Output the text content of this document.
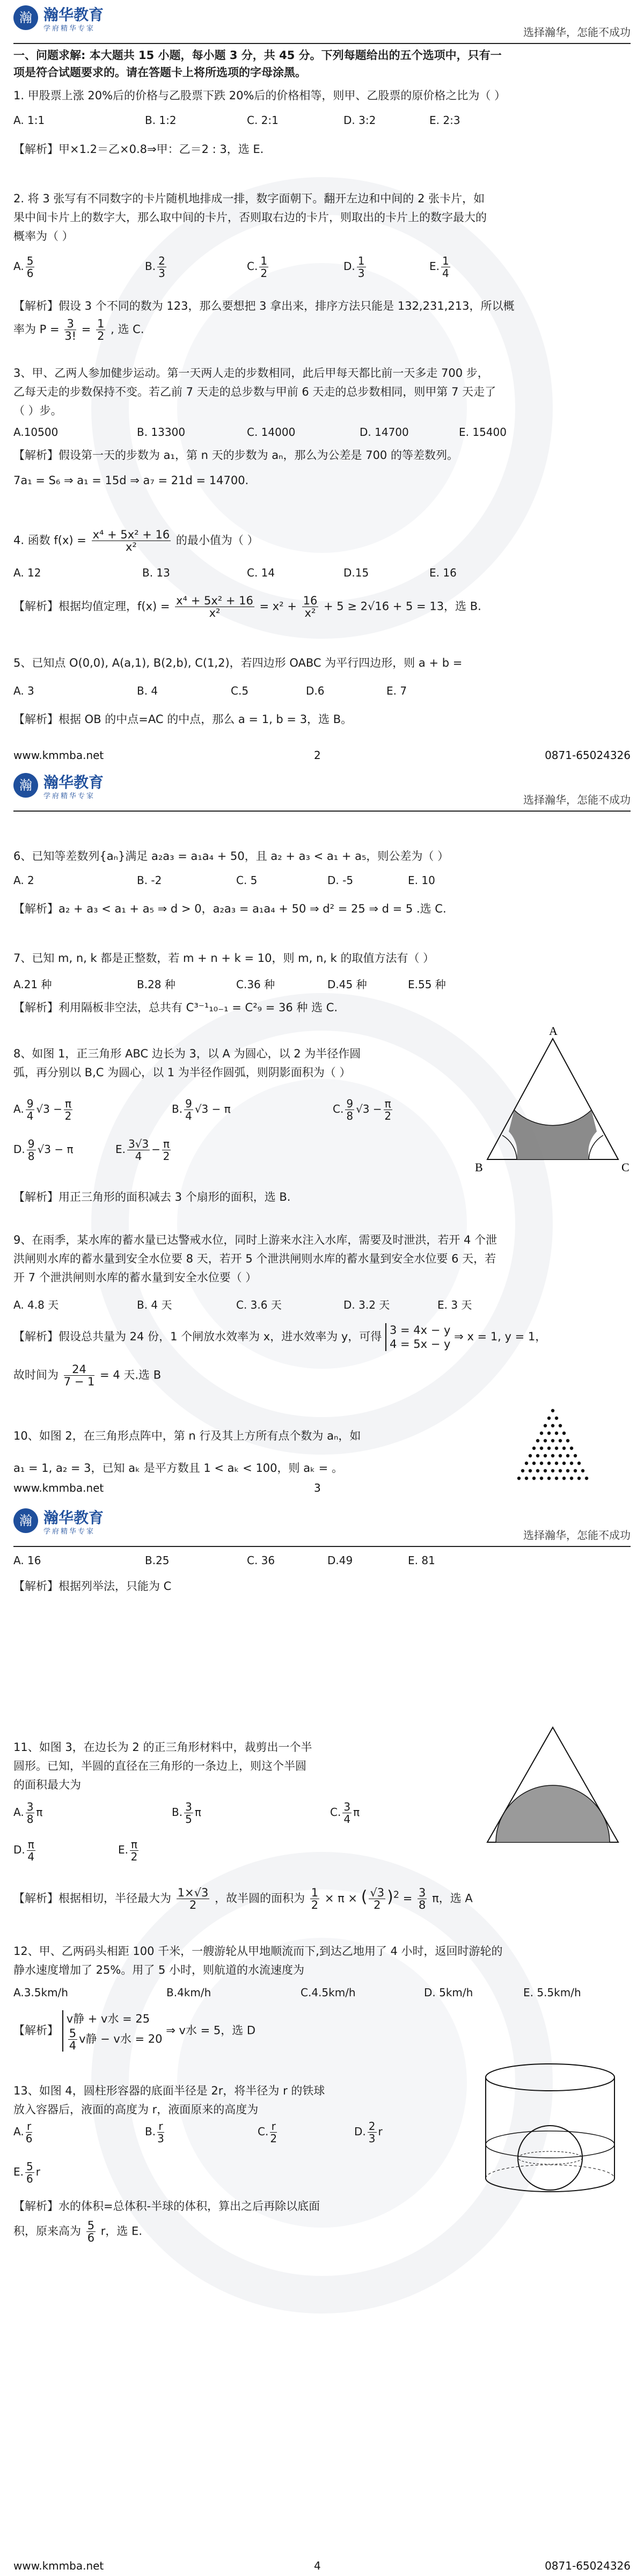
瀚 瀚华教育
学府精华专家	选择瀚华，怎能不成功
一、问题求解: 本大题共 15 小题，每小题 3 分，共 45 分。下列每题给出的五个选项中，只有一
项是符合试题要求的。请在答题卡上将所选项的字母涂黑。
1. 甲股票上涨 20%后的价格与乙股票下跌 20%后的价格相等，则甲、乙股票的原价格之比为（ ）
A. 1:1	B. 1:2	C. 2:1	D. 3:2	E. 2:3
【解析】甲×1.2＝乙×0.8⇒甲：乙＝2 : 3，选 E.
2. 将 3 张写有不同数字的卡片随机地排成一排，数字面朝下。翻开左边和中间的 2 张卡片，如
果中间卡片上的数字大，那么取中间的卡片，否则取右边的卡片，则取出的卡片上的数字最大的
概率为（ ）
A. $\frac{5}{6}$	B. $\frac{2}{3}$	C. $\frac{1}{2}$	D. $\frac{1}{3}$	E. $\frac{1}{4}$
【解析】假设 3 个不同的数为 123，那么要想把 3 拿出来，排序方法只能是 132,231,213，所以概
率为 $P = \frac{3}{3!} = \frac{1}{2}$ , 选 C.
3、甲、乙两人参加健步运动。第一天两人走的步数相同，此后甲每天都比前一天多走 700 步，
乙每天走的步数保持不变。若乙前 7 天走的总步数与甲前 6 天走的总步数相同，则甲第 7 天走了
（ ）步。
A.10500	B. 13300	C. 14000	D. 14700	E. 15400
【解析】假设第一天的步数为 a₁，第 n 天的步数为 aₙ，那么为公差是 700 的等差数列。
7a₁ = S₆ ⇒ a₁ = 15d ⇒ a₇ = 21d = 14700.
4. 函数 $f(x) = \frac{\text{x⁴ + 5x² + 16}}{\text{x²}}$ 的最小值为（ ）
A. 12	B. 13	C. 14	D.15	E. 16
【解析】根据均值定理，$f(x) = \frac{\text{x⁴ + 5x² + 16}}{\text{x²}} = x^2 + \frac{16}{\text{x²}} + 5 \ge 2√16 + 5 = 13$，选 B.
5、已知点 O(0,0), A(a,1), B(2,b), C(1,2)，若四边形 OABC 为平行四边形，则 a + b =
A. 3	B. 4	C.5	D.6	E. 7
【解析】根据 OB 的中点=AC 的中点，那么 a = 1, b = 3，选 B。
www.kmmba.net	2	0871-65024326
瀚 瀚华教育
学府精华专家	选择瀚华，怎能不成功
6、已知等差数列{aₙ}满足 a₂a₃ = a₁a₄ + 50，且 a₂ + a₃ < a₁ + a₅，则公差为（ ）
A. 2	B. -2	C. 5	D. -5	E. 10
【解析】a₂ + a₃ < a₁ + a₅ ⇒ d > 0，a₂a₃ = a₁a₄ + 50 ⇒ d² = 25 ⇒ d = 5 .选 C.
7、已知 m, n, k 都是正整数，若 m + n + k = 10，则 m, n, k 的取值方法有（ ）
A.21 种	B.28 种	C.36 种	D.45 种	E.55 种
【解析】利用隔板非空法，总共有 C³⁻¹₁₀₋₁ = C²₉ = 36 种 选 C.
8、如图 1，正三角形 ABC 边长为 3，以 A 为圆心，以 2 为半径作圆
弧，再分别以 B,C 为圆心，以 1 为半径作圆弧，则阴影面积为（ ）
A. $\frac{9}{4} √3 - \frac{\pi}{2}$	B. $\frac{9}{4} √3 - \pi$	C. $\frac{9}{8} √3 - \frac{\pi}{2}$
D. $\frac{9}{8} √3 - \pi$	E. $\frac{3√3}{4} - \frac{\pi}{2}$
A
B	C
【解析】用正三角形的面积减去 3 个扇形的面积，选 B.
9、在雨季，某水库的蓄水量已达警戒水位，同时上游来水注入水库，需要及时泄洪，若开 4 个泄
洪闸则水库的蓄水量到安全水位要 8 天，若开 5 个泄洪闸则水库的蓄水量到安全水位要 6 天，若
开 7 个泄洪闸则水库的蓄水量到安全水位要（ ）
A. 4.8 天	B. 4 天	C. 3.6 天	D. 3.2 天	E. 3 天
【解析】假设总共量为 24 份，1 个闸放水效率为 x，进水效率为 y，可得 3 = 4x − y
4 = 5x − y
⇒ x = 1, y = 1，
故时间为 $\frac{24}{7 - 1} = 4$ 天.选 B
10、如图 2，在三角形点阵中，第 n 行及其上方所有点个数为 aₙ，如
a₁ = 1, a₂ = 3，已知 aₖ 是平方数且 1 < aₖ < 100，则 aₖ = 。
www.kmmba.net	3
瀚 瀚华教育
学府精华专家	选择瀚华，怎能不成功
A. 16	B.25	C. 36	D.49	E. 81
【解析】根据列举法，只能为 C
11、如图 3，在边长为 2 的正三角形材料中，裁剪出一个半
圆形。已知，半圆的直径在三角形的一条边上，则这个半圆
的面积最大为
A. $\frac{3}{8}$ π	B. $\frac{3}{5}$ π	C. $\frac{3}{4}$ π
D. $\frac{\pi}{4}$	E. $\frac{\pi}{2}$
【解析】根据相切，半径最大为 $\frac{1\times√3}{2}$ ，故半圆的面积为 $\frac{1}{2} \times \pi$ × ( $\frac{√3}{2} )^2 = \frac{3}{8}$ π，选 A
12、甲、乙两码头相距 100 千米，一艘游轮从甲地顺流而下,到达乙地用了 4 小时，返回时游轮的
静水速度增加了 25%。用了 5 小时，则航道的水流速度为
A.3.5km/h	B.4km/h	C.4.5km/h	D. 5km/h	E. 5.5km/h
【解析】
v静 + v水 = 25
$\frac{5}{4}$ v静 − v水 = 20
⇒ v水 = 5，选 D
13、如图 4，圆柱形容器的底面半径是 2r，将半径为 r 的铁球
放入容器后，液面的高度为 r，液面原来的高度为
A. $\frac{r}{6}$	B. $\frac{r}{3}$	C. $\frac{r}{2}$	D. $\frac{2}{3}$ r
E. $\frac{5}{6}$ r
【解析】水的体积=总体积-半球的体积，算出之后再除以底面
积，原来高为 $\frac{5}{6}$ r，选 E.
www.kmmba.net	4	0871-65024326
